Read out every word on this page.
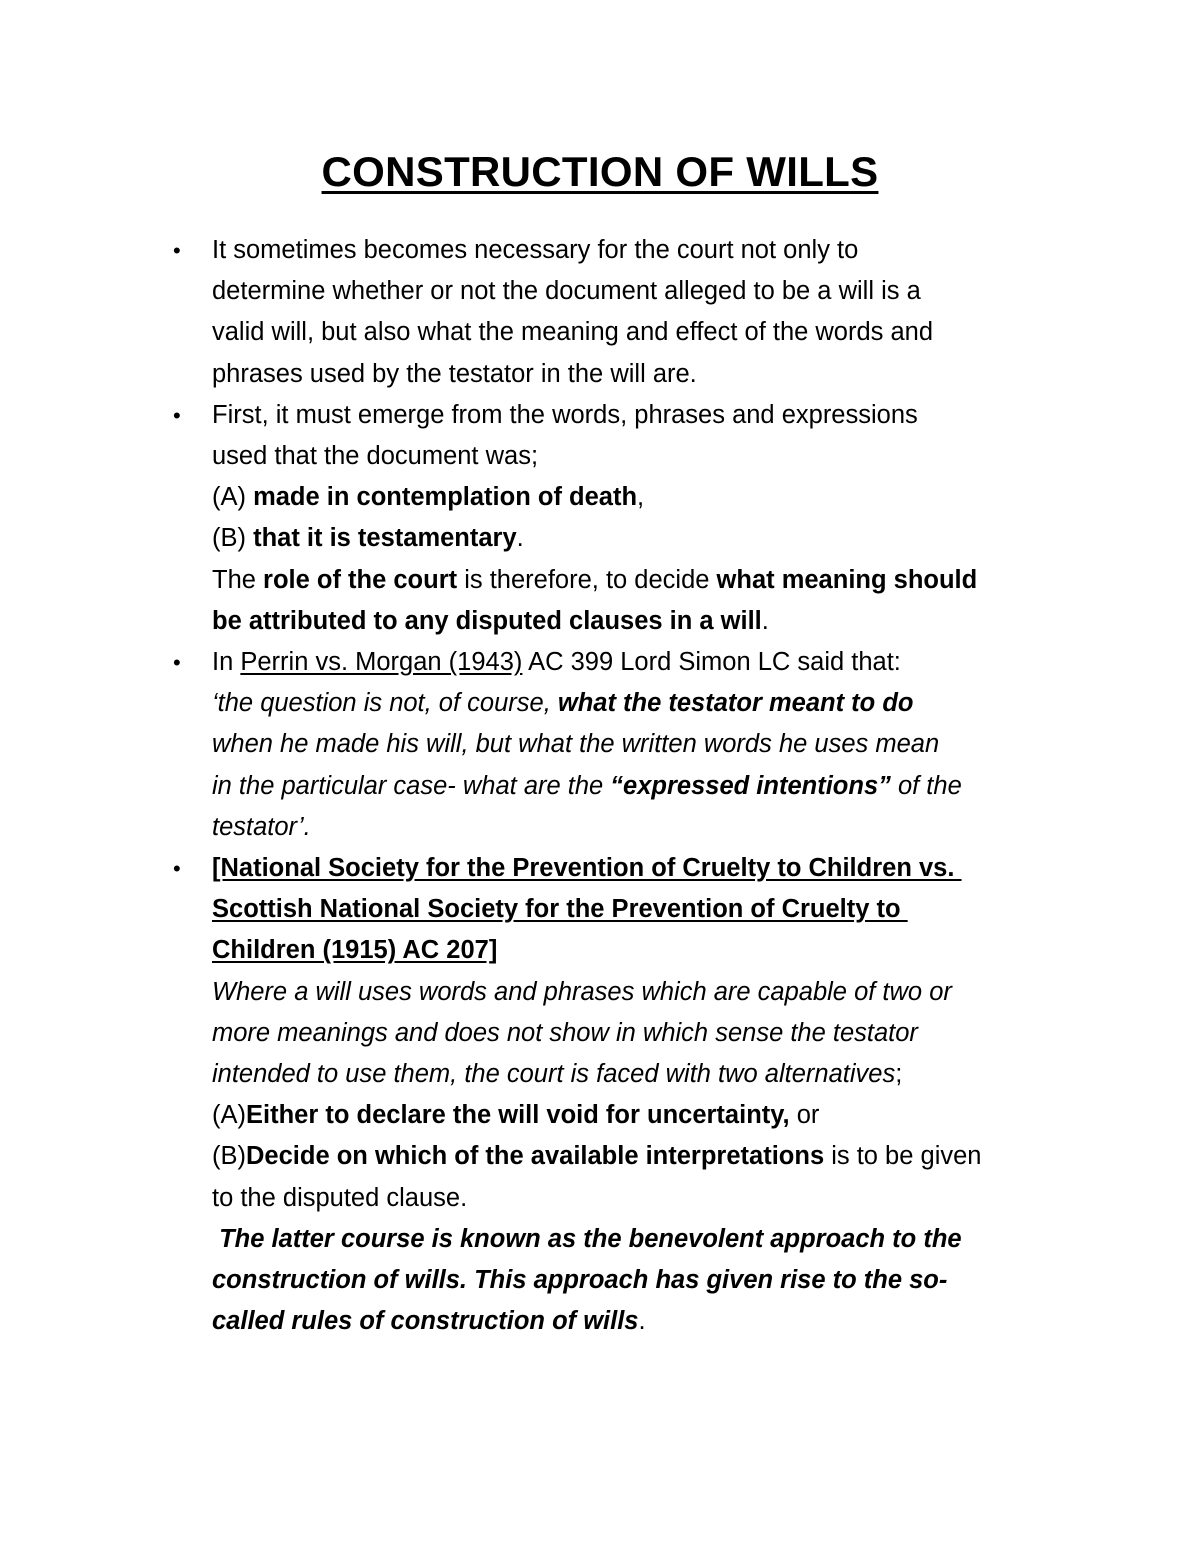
CONSTRUCTION OF WILLS
• It sometimes becomes necessary for the court not only to
determine whether or not the document alleged to be a will is a
valid will, but also what the meaning and effect of the words and
phrases used by the testator in the will are.
• First, it must emerge from the words, phrases and expressions
used that the document was;
(A) made in contemplation of death,
(B) that it is testamentary.
The role of the court is therefore, to decide what meaning should
be attributed to any disputed clauses in a will.
• In Perrin vs. Morgan (1943) AC 399 Lord Simon LC said that:
‘the question is not, of course, what the testator meant to do
when he made his will, but what the written words he uses mean
in the particular case- what are the “expressed intentions” of the
testator’.
• [National Society for the Prevention of Cruelty to Children vs.
Scottish National Society for the Prevention of Cruelty to
Children (1915) AC 207]
Where a will uses words and phrases which are capable of two or
more meanings and does not show in which sense the testator
intended to use them, the court is faced with two alternatives;
(A)Either to declare the will void for uncertainty, or
(B)Decide on which of the available interpretations is to be given
to the disputed clause.
The latter course is known as the benevolent approach to the
construction of wills. This approach has given rise to the so-
called rules of construction of wills.
